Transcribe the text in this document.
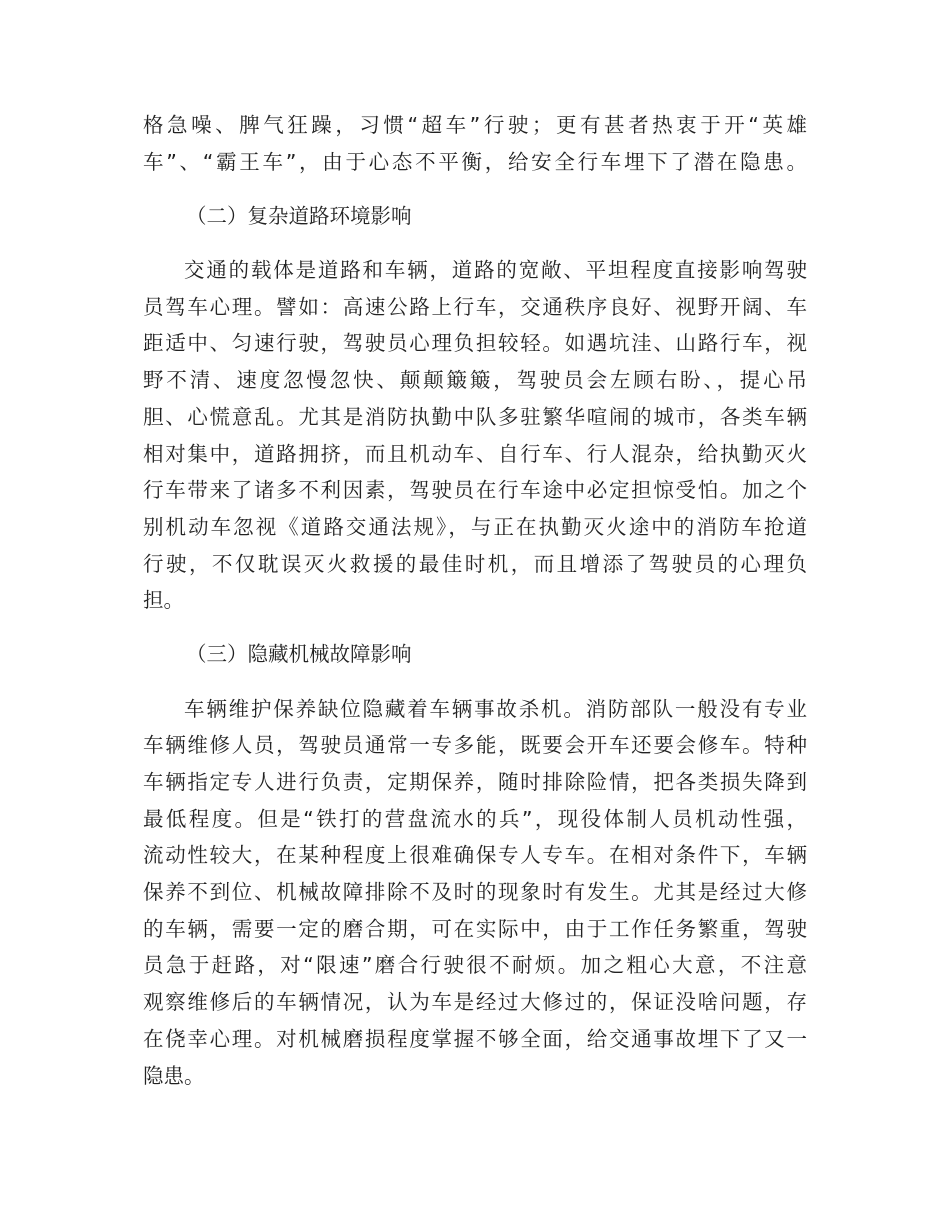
格急噪、脾气狂躁，习惯“超车”行驶；更有甚者热衷于开“英雄
车”、“霸王车”，由于心态不平衡，给安全行车埋下了潜在隐患。
（二）复杂道路环境影响
交通的载体是道路和车辆，道路的宽敞、平坦程度直接影响驾驶
员驾车心理。譬如：高速公路上行车，交通秩序良好、视野开阔、车
距适中、匀速行驶，驾驶员心理负担较轻。如遇坑洼、山路行车，视
野不清、速度忽慢忽快、颠颠簸簸，驾驶员会左顾右盼、，提心吊
胆、心慌意乱。尤其是消防执勤中队多驻繁华喧闹的城市，各类车辆
相对集中，道路拥挤，而且机动车、自行车、行人混杂，给执勤灭火
行车带来了诸多不利因素，驾驶员在行车途中必定担惊受怕。加之个
别机动车忽视《道路交通法规》，与正在执勤灭火途中的消防车抢道
行驶，不仅耽误灭火救援的最佳时机，而且增添了驾驶员的心理负
担。
（三）隐藏机械故障影响
车辆维护保养缺位隐藏着车辆事故杀机。消防部队一般没有专业
车辆维修人员，驾驶员通常一专多能，既要会开车还要会修车。特种
车辆指定专人进行负责，定期保养，随时排除险情，把各类损失降到
最低程度。但是“铁打的营盘流水的兵”，现役体制人员机动性强，
流动性较大，在某种程度上很难确保专人专车。在相对条件下，车辆
保养不到位、机械故障排除不及时的现象时有发生。尤其是经过大修
的车辆，需要一定的磨合期，可在实际中，由于工作任务繁重，驾驶
员急于赶路，对“限速”磨合行驶很不耐烦。加之粗心大意，不注意
观察维修后的车辆情况，认为车是经过大修过的，保证没啥问题，存
在侥幸心理。对机械磨损程度掌握不够全面，给交通事故埋下了又一
隐患。
